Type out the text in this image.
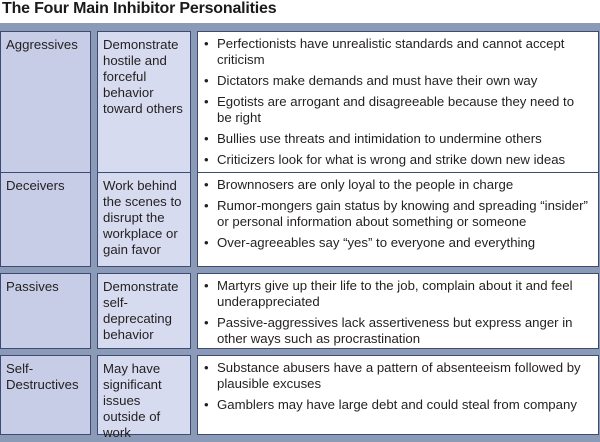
The Four Main Inhibitor Personalities
Aggressives	Demonstrate hostile and forceful behavior toward others
• Perfectionists have unrealistic standards and cannot accept criticism
• Dictators make demands and must have their own way
• Egotists are arrogant and disagreeable because they need to be right
• Bullies use threats and intimidation to undermine others
• Criticizers look for what is wrong and strike down new ideas
Deceivers	Work behind the scenes to disrupt the workplace or gain favor
• Brownnosers are only loyal to the people in charge
• Rumor-mongers gain status by knowing and spreading “insider” or personal information about something or someone
• Over-agreeables say “yes” to everyone and everything
Passives	Demonstrate self-deprecating behavior
• Martyrs give up their life to the job, complain about it and feel underappreciated
• Passive-aggressives lack assertiveness but express anger in other ways such as procrastination
Self-Destructives
May have significant issues outside of work
• Substance abusers have a pattern of absenteeism followed by plausible excuses
• Gamblers may have large debt and could steal from company
